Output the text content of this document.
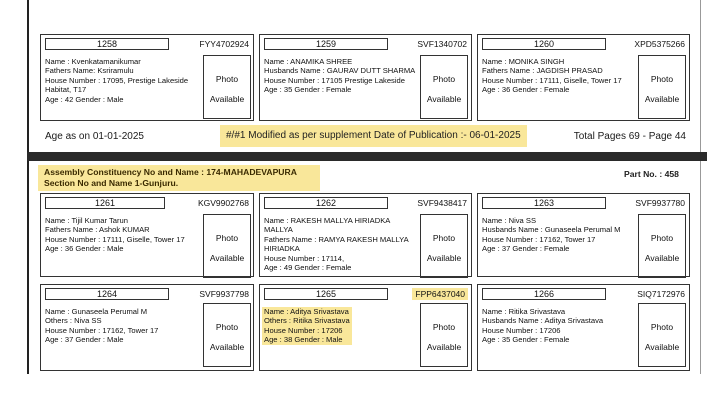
1258	FYY4702924
Name : Kvenkatamanikumar
Fathers Name: Ksriramulu
House Number : 17095, Prestige Lakeside
Habitat, T17
Age : 42 Gender : Male
Photo
Available
1259	SVF1340702
Name : ANAMIKA SHREE
Husbands Name : GAURAV DUTT SHARMA
House Number : 17105 Prestige Lakeside
Age : 35 Gender : Female
Photo
Available
1260	XPD5375266
Name : MONIKA SINGH
Fathers Name : JAGDISH PRASAD
House Number : 17111, Giselle, Tower 17
Age : 36 Gender : Female
Photo
Available
Age as on 01-01-2025	#/#1 Modified as per supplement Date of Publication :- 06-01-2025	Total Pages 69 - Page 44
Assembly Constituency No and Name : 174-MAHADEVAPURA
Section No and Name 1-Gunjuru.
Part No. : 458
1261	KGV9902768
Name : Tijil Kumar Tarun
Fathers Name : Ashok KUMAR
House Number : 17111, Giselle, Tower 17
Age : 36 Gender : Male
Photo
Available
1262	SVF9438417
Name : RAKESH MALLYA HIRIADKA
MALLYA
Fathers Name : RAMYA RAKESH MALLYA
HIRIADKA
House Number : 17114,
Age : 49 Gender : Female
Photo
Available
1263	SVF9937780
Name : Niva SS
Husbands Name : Gunaseela Perumal M
House Number : 17162, Tower 17
Age : 37 Gender : Female
Photo
Available
1264	SVF9937798
Name : Gunaseela Perumal M
Others : Niva SS
House Number : 17162, Tower 17
Age : 37 Gender : Male
Photo
Available
1265	FPP6437040
Name : Aditya Srivastava
Others : Ritika Srivastava
House Number : 17206
Age : 38 Gender : Male
Photo
Available
1266	SIQ7172976
Name : Ritika Srivastava
Husbands Name : Aditya Srivastava
House Number : 17206
Age : 35 Gender : Female
Photo
Available
